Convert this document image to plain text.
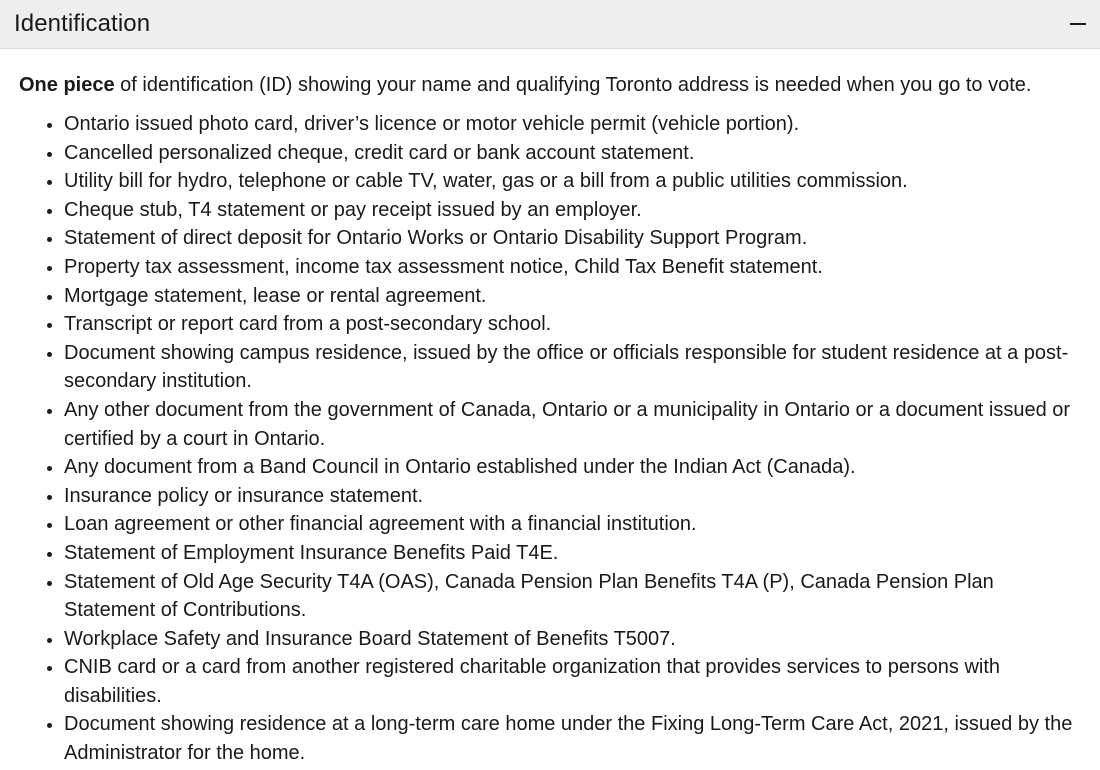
Identification

One piece of identification (ID) showing your name and qualifying Toronto address is needed when you go to vote.

• Ontario issued photo card, driver’s licence or motor vehicle permit (vehicle portion).
• Cancelled personalized cheque, credit card or bank account statement.
• Utility bill for hydro, telephone or cable TV, water, gas or a bill from a public utilities commission.
• Cheque stub, T4 statement or pay receipt issued by an employer.
• Statement of direct deposit for Ontario Works or Ontario Disability Support Program.
• Property tax assessment, income tax assessment notice, Child Tax Benefit statement.
• Mortgage statement, lease or rental agreement.
• Transcript or report card from a post-secondary school.
• Document showing campus residence, issued by the office or officials responsible for student residence at a post-secondary institution.
• Any other document from the government of Canada, Ontario or a municipality in Ontario or a document issued or certified by a court in Ontario.
• Any document from a Band Council in Ontario established under the Indian Act (Canada).
• Insurance policy or insurance statement.
• Loan agreement or other financial agreement with a financial institution.
• Statement of Employment Insurance Benefits Paid T4E.
• Statement of Old Age Security T4A (OAS), Canada Pension Plan Benefits T4A (P), Canada Pension Plan Statement of Contributions.
• Workplace Safety and Insurance Board Statement of Benefits T5007.
• CNIB card or a card from another registered charitable organization that provides services to persons with disabilities.
• Document showing residence at a long-term care home under the Fixing Long-Term Care Act, 2021, issued by the Administrator for the home.
